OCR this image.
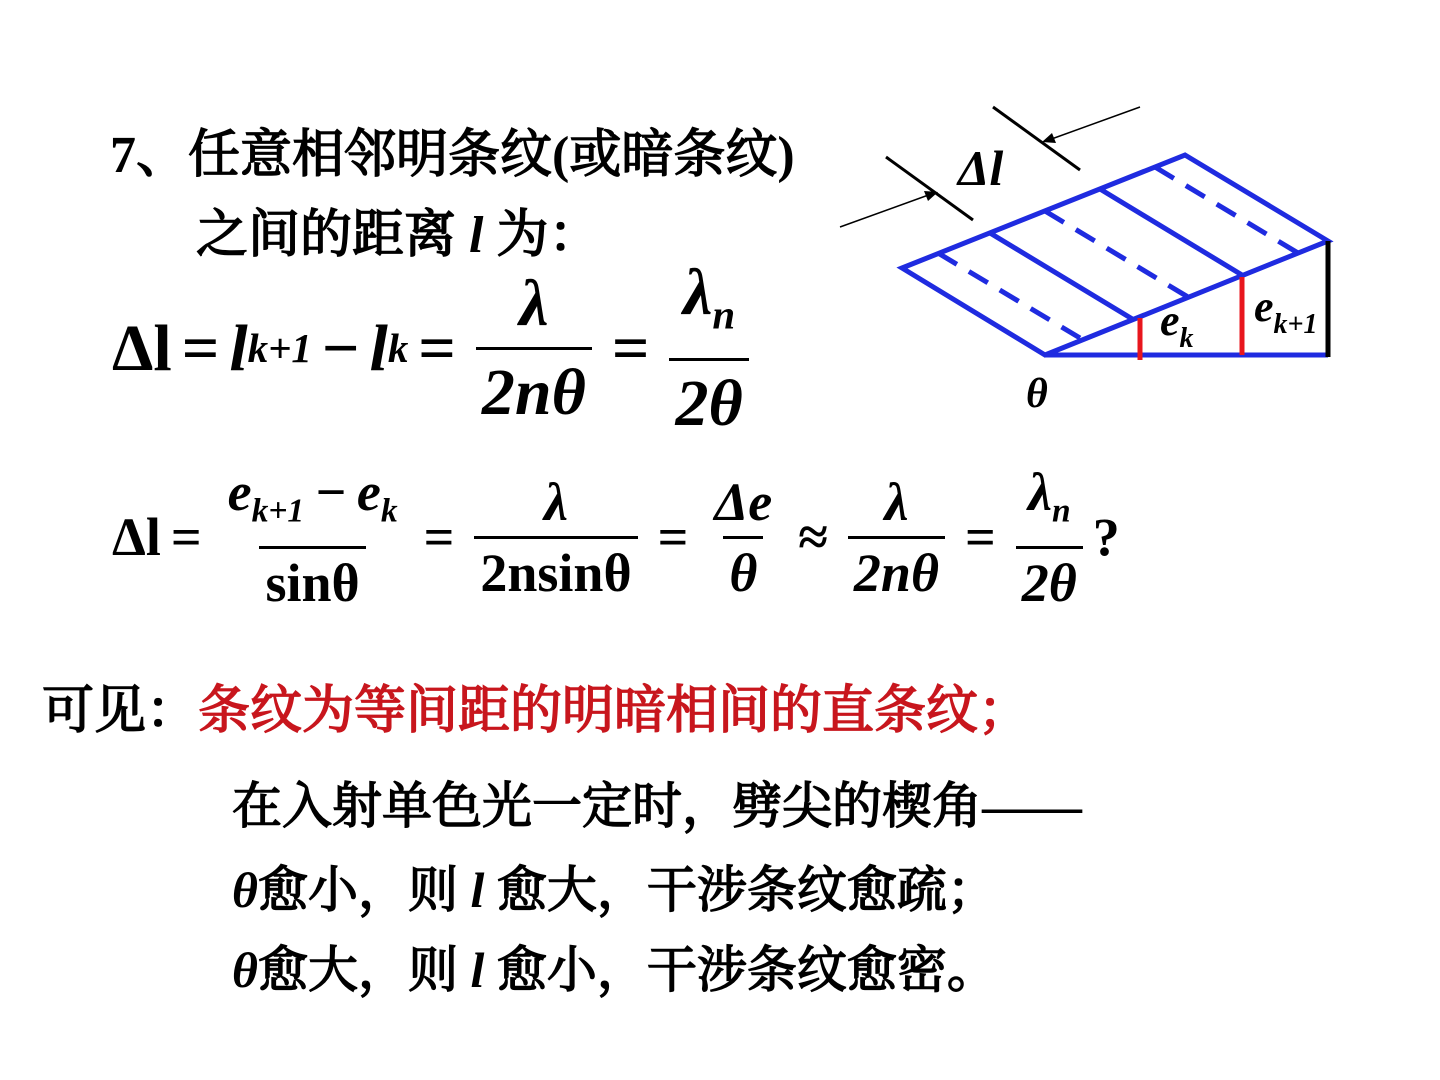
7、任意相邻明条纹(或暗条纹)
之间的距离 l 为：
Δl = l k+1 − l $k = \frac{\lambda}{2n\theta} = \frac{\lambda_n}{2\theta}$
$\Delta l = \frac{e_{k+1} - e_k}{\sin\theta} = \frac{\lambda}{2nsin\theta} = \frac{\Delta e}{\theta} \approx \frac{\lambda}{2n\theta} = \frac{\lambda_n}{2\theta}$ ?
Δl
$e_k$
$e_{k+1}$
θ
可见：条纹为等间距的明暗相间的直条纹；
在入射单色光一定时，劈尖的楔角——
θ愈小，则 l 愈大，干涉条纹愈疏；
θ愈大，则 l 愈小，干涉条纹愈密。
